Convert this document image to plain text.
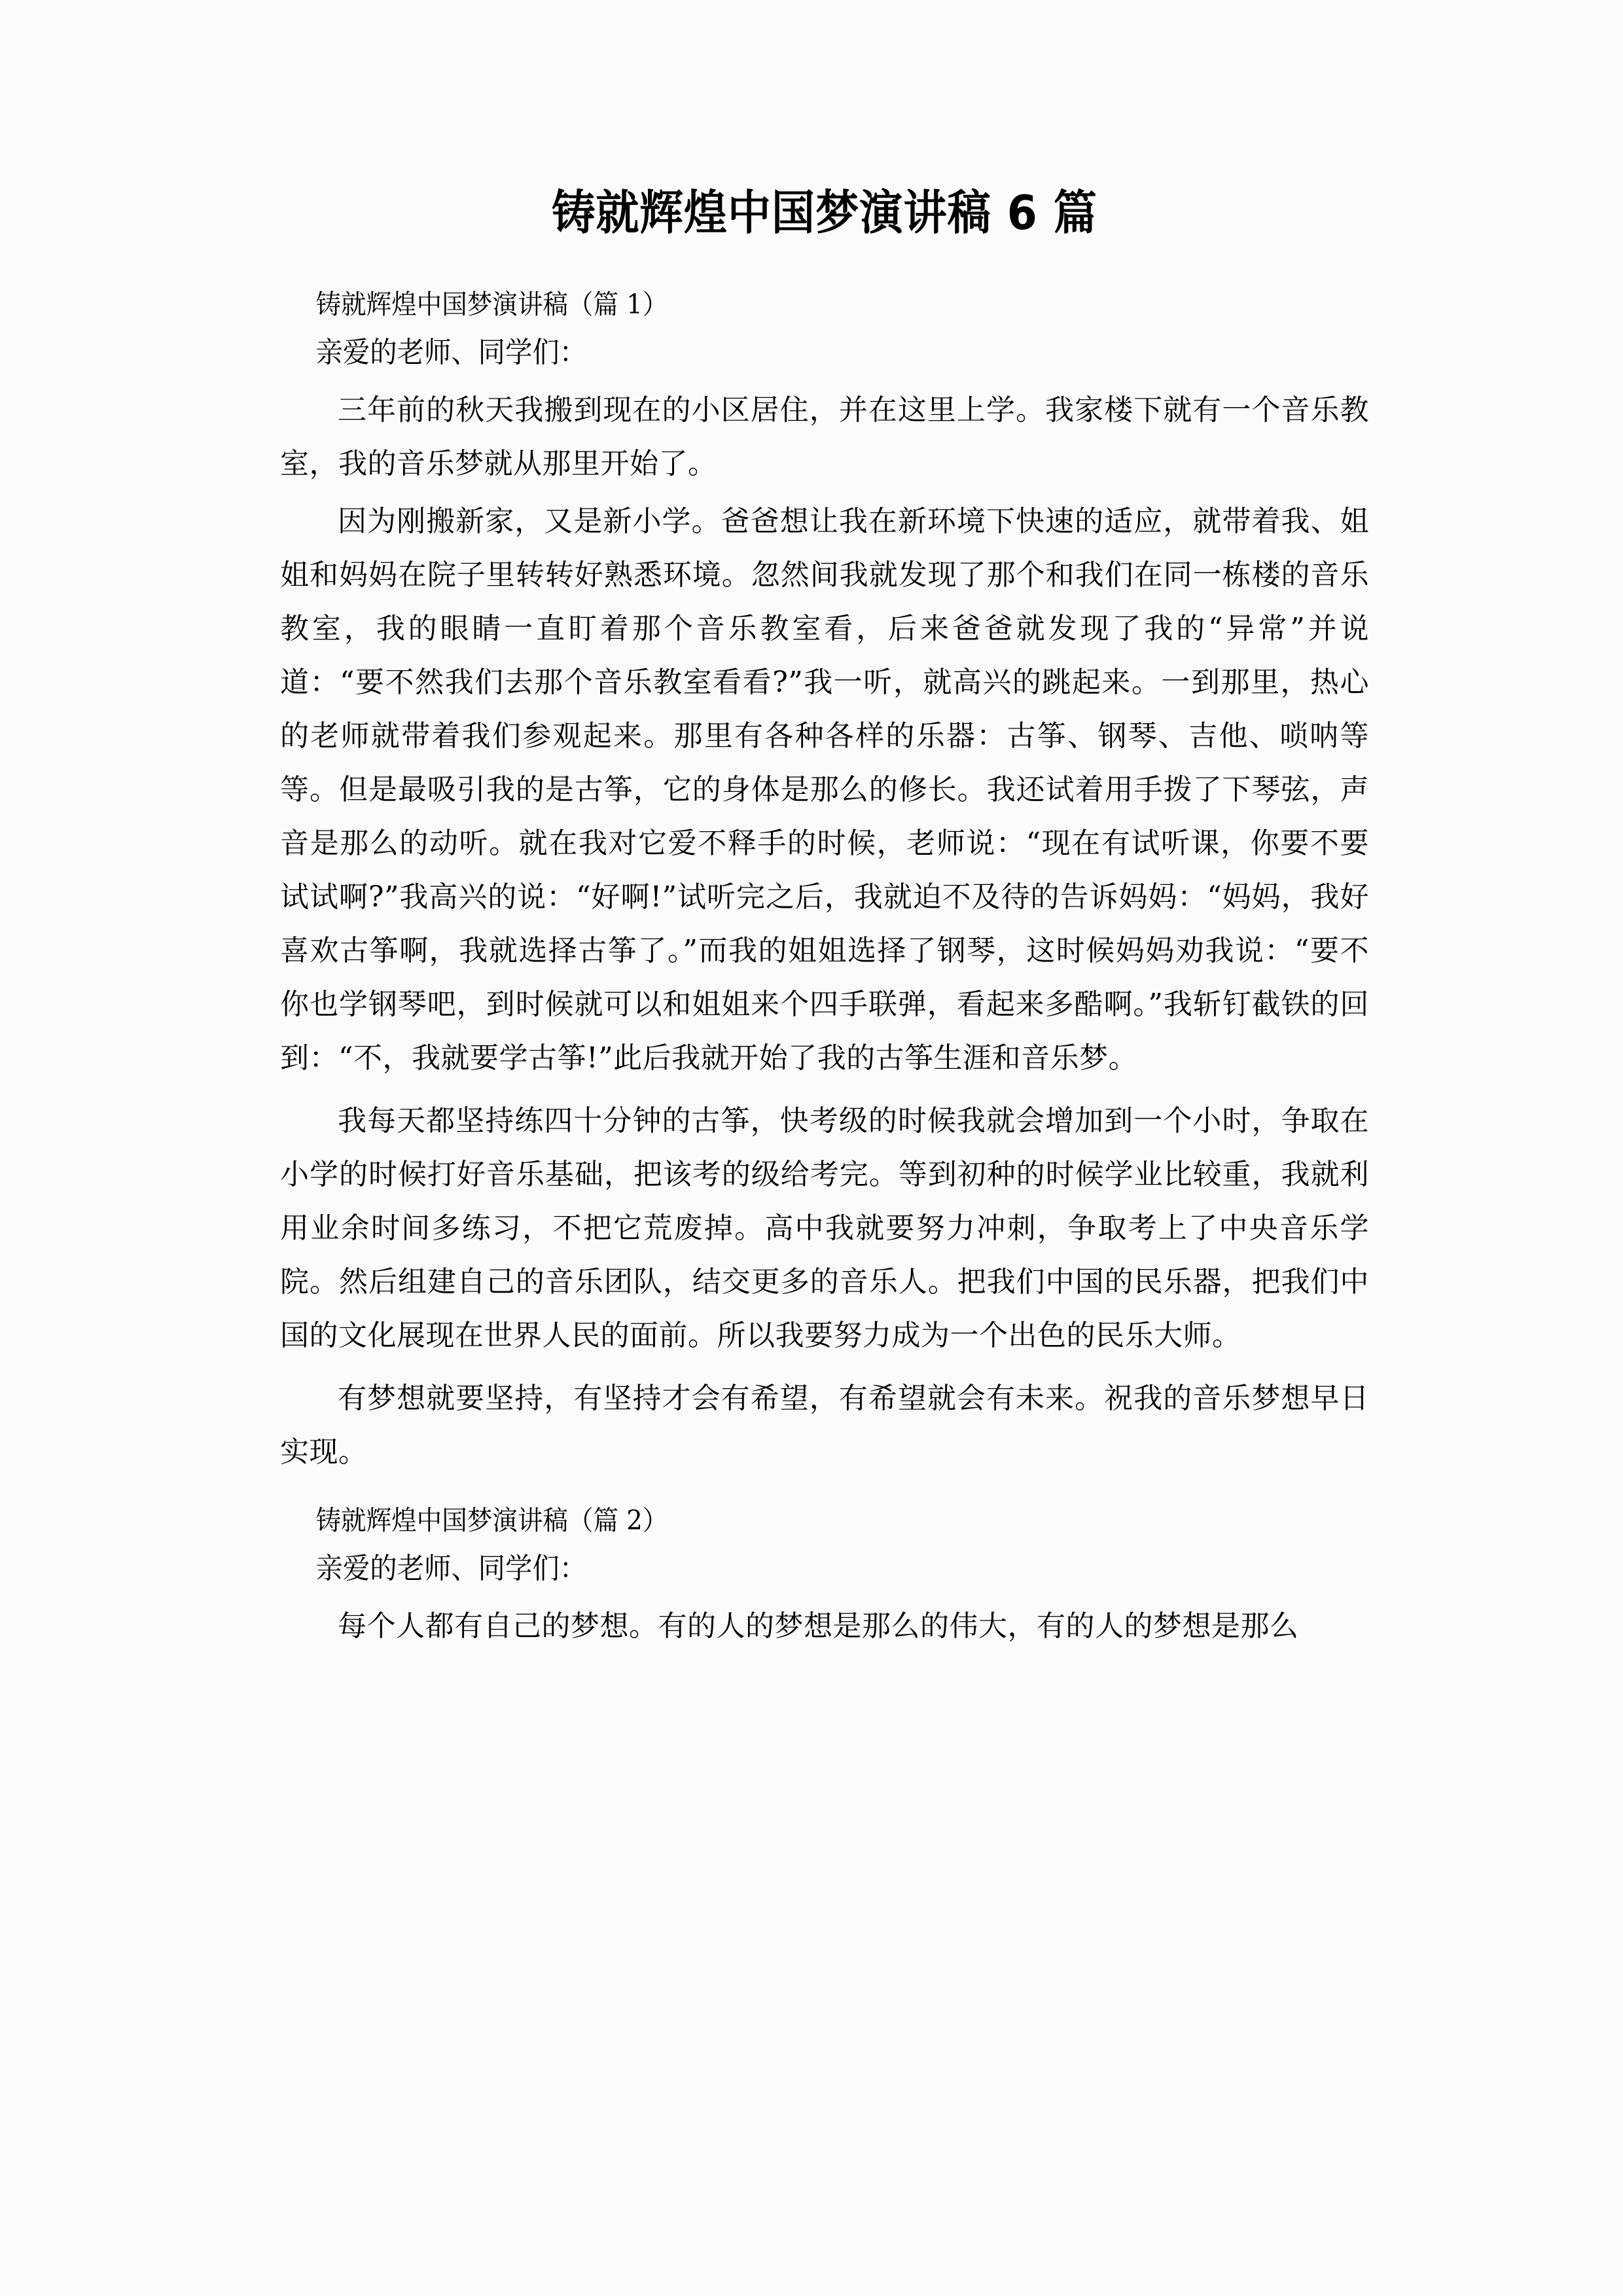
铸就辉煌中国梦演讲稿 6 篇

铸就辉煌中国梦演讲稿（篇 1）

亲爱的老师、同学们：

三年前的秋天我搬到现在的小区居住，并在这里上学。我家楼下就有一个音乐教室，我的音乐梦就从那里开始了。

因为刚搬新家，又是新小学。爸爸想让我在新环境下快速的适应，就带着我、姐姐和妈妈在院子里转转好熟悉环境。忽然间我就发现了那个和我们在同一栋楼的音乐教室，我的眼睛一直盯着那个音乐教室看，后来爸爸就发现了我的“异常”并说道：“要不然我们去那个音乐教室看看?”我一听，就高兴的跳起来。一到那里，热心的老师就带着我们参观起来。那里有各种各样的乐器：古筝、钢琴、吉他、唢呐等等。但是最吸引我的是古筝，它的身体是那么的修长。我还试着用手拨了下琴弦，声音是那么的动听。就在我对它爱不释手的时候，老师说：“现在有试听课，你要不要试试啊?”我高兴的说：“好啊!”试听完之后，我就迫不及待的告诉妈妈：“妈妈，我好喜欢古筝啊，我就选择古筝了。”而我的姐姐选择了钢琴，这时候妈妈劝我说：“要不你也学钢琴吧，到时候就可以和姐姐来个四手联弹，看起来多酷啊。”我斩钉截铁的回到：“不，我就要学古筝!”此后我就开始了我的古筝生涯和音乐梦。

我每天都坚持练四十分钟的古筝，快考级的时候我就会增加到一个小时，争取在小学的时候打好音乐基础，把该考的级给考完。等到初种的时候学业比较重，我就利用业余时间多练习，不把它荒废掉。高中我就要努力冲刺，争取考上了中央音乐学院。然后组建自己的音乐团队，结交更多的音乐人。把我们中国的民乐器，把我们中国的文化展现在世界人民的面前。所以我要努力成为一个出色的民乐大师。

有梦想就要坚持，有坚持才会有希望，有希望就会有未来。祝我的音乐梦想早日实现。

铸就辉煌中国梦演讲稿（篇 2）

亲爱的老师、同学们：

每个人都有自己的梦想。有的人的梦想是那么的伟大，有的人的梦想是那么
